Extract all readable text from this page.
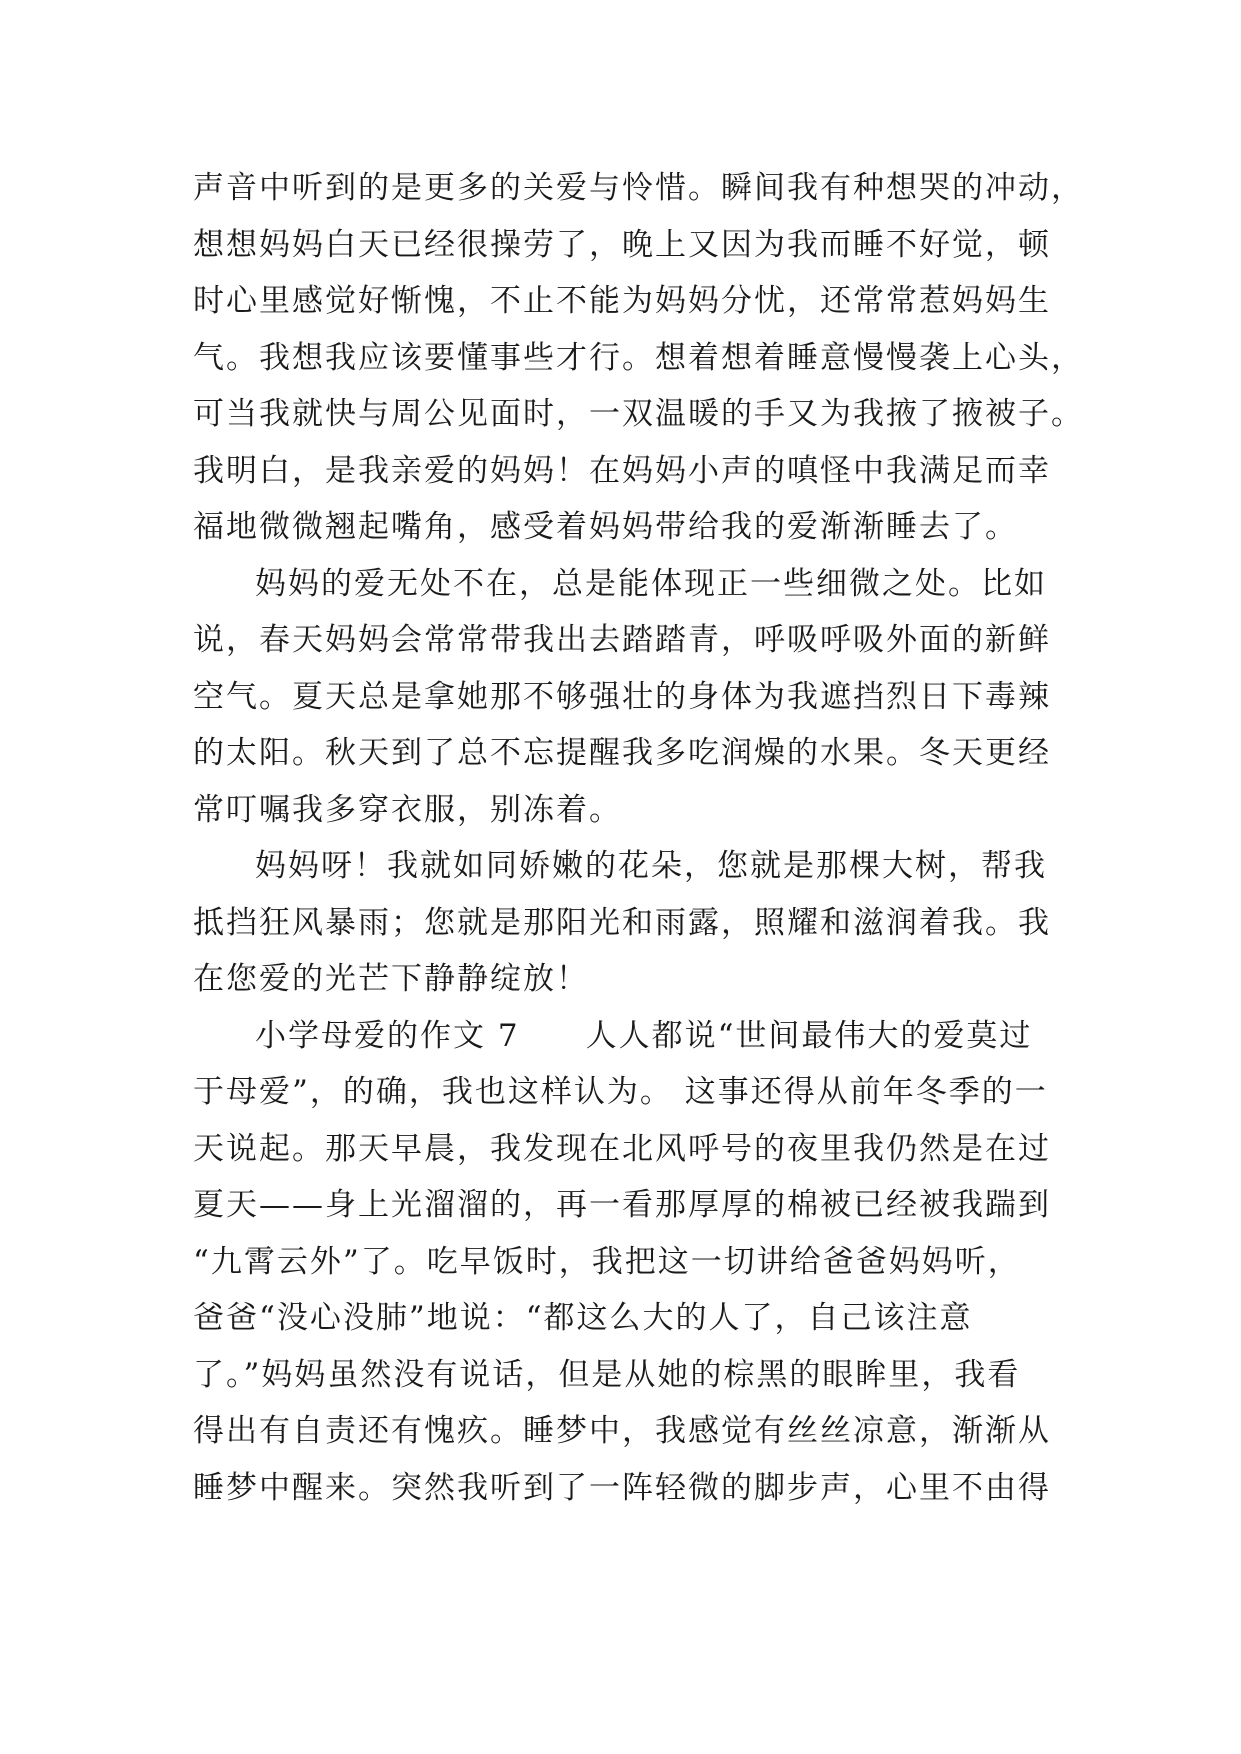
声音中听到的是更多的关爱与怜惜。瞬间我有种想哭的冲动，
想想妈妈白天已经很操劳了，晚上又因为我而睡不好觉，顿
时心里感觉好惭愧，不止不能为妈妈分忧，还常常惹妈妈生
气。我想我应该要懂事些才行。想着想着睡意慢慢袭上心头，
可当我就快与周公见面时，一双温暖的手又为我掖了掖被子。
我明白，是我亲爱的妈妈！在妈妈小声的嗔怪中我满足而幸
福地微微翘起嘴角，感受着妈妈带给我的爱渐渐睡去了。
妈妈的爱无处不在，总是能体现正一些细微之处。比如
说，春天妈妈会常常带我出去踏踏青，呼吸呼吸外面的新鲜
空气。夏天总是拿她那不够强壮的身体为我遮挡烈日下毒辣
的太阳。秋天到了总不忘提醒我多吃润燥的水果。冬天更经
常叮嘱我多穿衣服，别冻着。
妈妈呀！我就如同娇嫩的花朵，您就是那棵大树，帮我
抵挡狂风暴雨；您就是那阳光和雨露，照耀和滋润着我。我
在您爱的光芒下静静绽放！
小学母爱的作文 7　　人人都说“世间最伟大的爱莫过
于母爱”，的确，我也这样认为。 这事还得从前年冬季的一
天说起。那天早晨，我发现在北风呼号的夜里我仍然是在过
夏天——身上光溜溜的，再一看那厚厚的棉被已经被我踹到
“九霄云外”了。吃早饭时，我把这一切讲给爸爸妈妈听，
爸爸“没心没肺”地说：“都这么大的人了，自己该注意
了。”妈妈虽然没有说话，但是从她的棕黑的眼眸里，我看
得出有自责还有愧疚。睡梦中，我感觉有丝丝凉意，渐渐从
睡梦中醒来。突然我听到了一阵轻微的脚步声，心里不由得
